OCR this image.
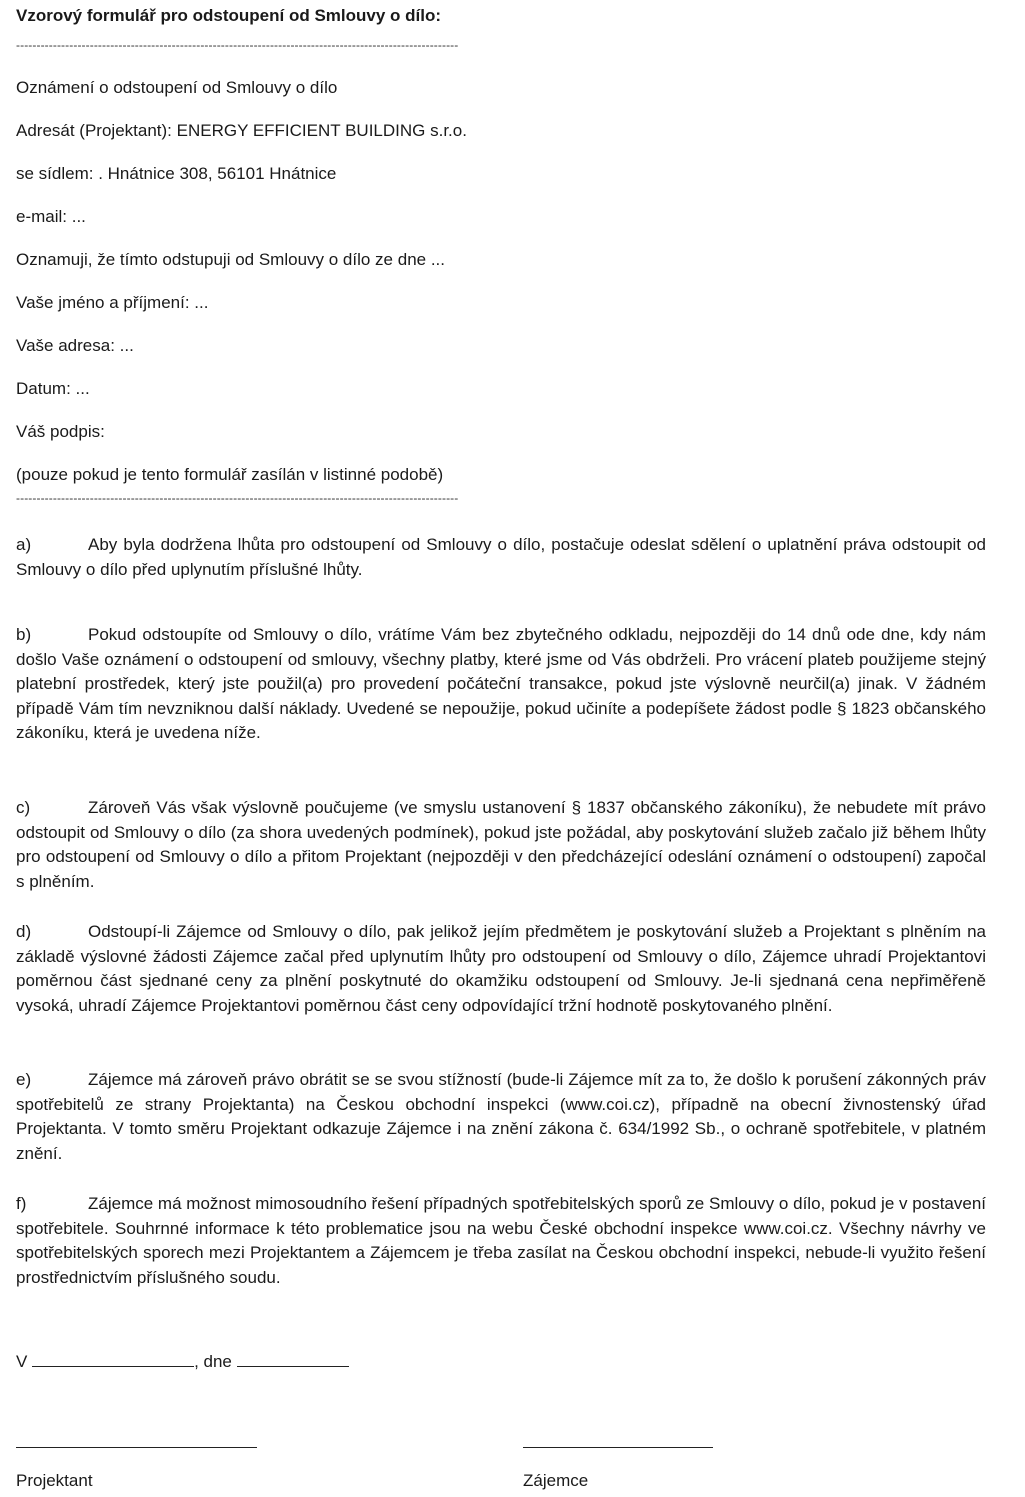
Vzorový formulář pro odstoupení od Smlouvy o dílo:
------------------------------------------------------------------------------------------------------------
Oznámení o odstoupení od Smlouvy o dílo
Adresát (Projektant): ENERGY EFFICIENT BUILDING s.r.o.
se sídlem: . Hnátnice 308, 56101 Hnátnice
e-mail: ...
Oznamuji, že tímto odstupuji od Smlouvy o dílo ze dne ...
Vaše jméno a příjmení: ...
Vaše adresa: ...
Datum: ...
Váš podpis:
(pouze pokud je tento formulář zasílán v listinné podobě)
------------------------------------------------------------------------------------------------------------
a)	Aby byla dodržena lhůta pro odstoupení od Smlouvy o dílo, postačuje odeslat sdělení o uplatnění práva odstoupit od Smlouvy o dílo před uplynutím příslušné lhůty.
b)	Pokud odstoupíte od Smlouvy o dílo, vrátíme Vám bez zbytečného odkladu, nejpozději do 14 dnů ode dne, kdy nám došlo Vaše oznámení o odstoupení od smlouvy, všechny platby, které jsme od Vás obdrželi. Pro vrácení plateb použijeme stejný platební prostředek, který jste použil(a) pro provedení počáteční transakce, pokud jste výslovně neurčil(a) jinak. V žádném případě Vám tím nevzniknou další náklady. Uvedené se nepoužije, pokud učiníte a podepíšete žádost podle § 1823 občanského zákoníku, která je uvedena níže.
c)	Zároveň Vás však výslovně poučujeme (ve smyslu ustanovení § 1837 občanského zákoníku), že nebudete mít právo odstoupit od Smlouvy o dílo (za shora uvedených podmínek), pokud jste požádal, aby poskytování služeb začalo již během lhůty pro odstoupení od Smlouvy o dílo a přitom Projektant (nejpozději v den předcházející odeslání oznámení o odstoupení) započal s plněním.
d)	Odstoupí-li Zájemce od Smlouvy o dílo, pak jelikož jejím předmětem je poskytování služeb a Projektant s plněním na základě výslovné žádosti Zájemce začal před uplynutím lhůty pro odstoupení od Smlouvy o dílo, Zájemce uhradí Projektantovi poměrnou část sjednané ceny za plnění poskytnuté do okamžiku odstoupení od Smlouvy. Je-li sjednaná cena nepřiměřeně vysoká, uhradí Zájemce Projektantovi poměrnou část ceny odpovídající tržní hodnotě poskytovaného plnění.
e)	Zájemce má zároveň právo obrátit se se svou stížností (bude-li Zájemce mít za to, že došlo k porušení zákonných práv spotřebitelů ze strany Projektanta) na Českou obchodní inspekci (www.coi.cz), případně na obecní živnostenský úřad Projektanta. V tomto směru Projektant odkazuje Zájemce i na znění zákona č. 634/1992 Sb., o ochraně spotřebitele, v platném znění.
f)	Zájemce má možnost mimosoudního řešení případných spotřebitelských sporů ze Smlouvy o dílo, pokud je v postavení spotřebitele. Souhrnné informace k této problematice jsou na webu České obchodní inspekce www.coi.cz. Všechny návrhy ve spotřebitelských sporech mezi Projektantem a Zájemcem je třeba zasílat na Českou obchodní inspekci, nebude-li využito řešení prostřednictvím příslušného soudu.
V	, dne
Projektant	Zájemce
